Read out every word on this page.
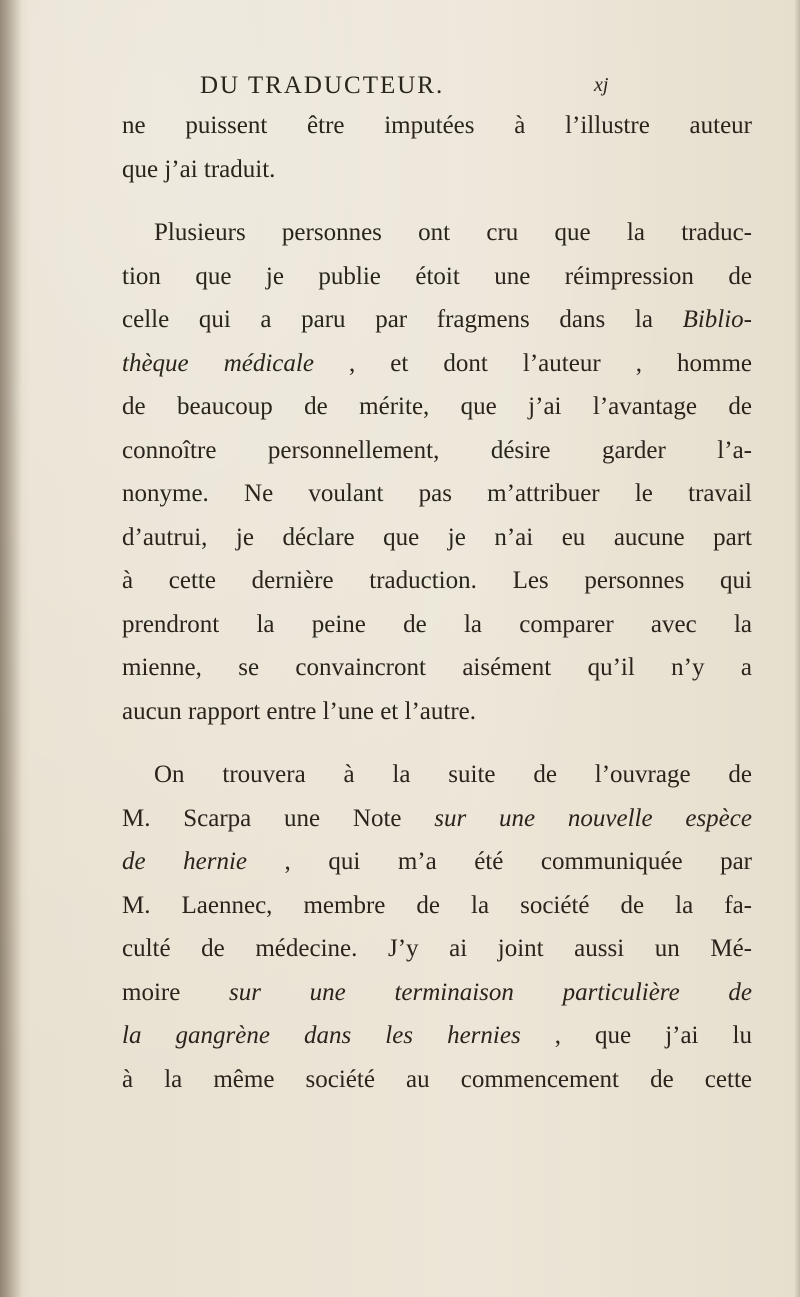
DU TRADUCTEUR.	xj
ne puissent être imputées à l’illustre auteur
que j’ai traduit.
Plusieurs personnes ont cru que la traduc-
tion que je publie étoit une réimpression de
celle qui a paru par fragmens dans la Biblio-
thèque médicale , et dont l’auteur , homme
de beaucoup de mérite, que j’ai l’avantage de
connoître personnellement, désire garder l’a-
nonyme. Ne voulant pas m’attribuer le travail
d’autrui, je déclare que je n’ai eu aucune part
à cette dernière traduction. Les personnes qui
prendront la peine de la comparer avec la
mienne, se convaincront aisément qu’il n’y a
aucun rapport entre l’une et l’autre.
On trouvera à la suite de l’ouvrage de
M. Scarpa une Note sur une nouvelle espèce
de hernie , qui m’a été communiquée par
M. Laennec, membre de la société de la fa-
culté de médecine. J’y ai joint aussi un Mé-
moire sur une terminaison particulière de
la gangrène dans les hernies , que j’ai lu
à la même société au commencement de cette
